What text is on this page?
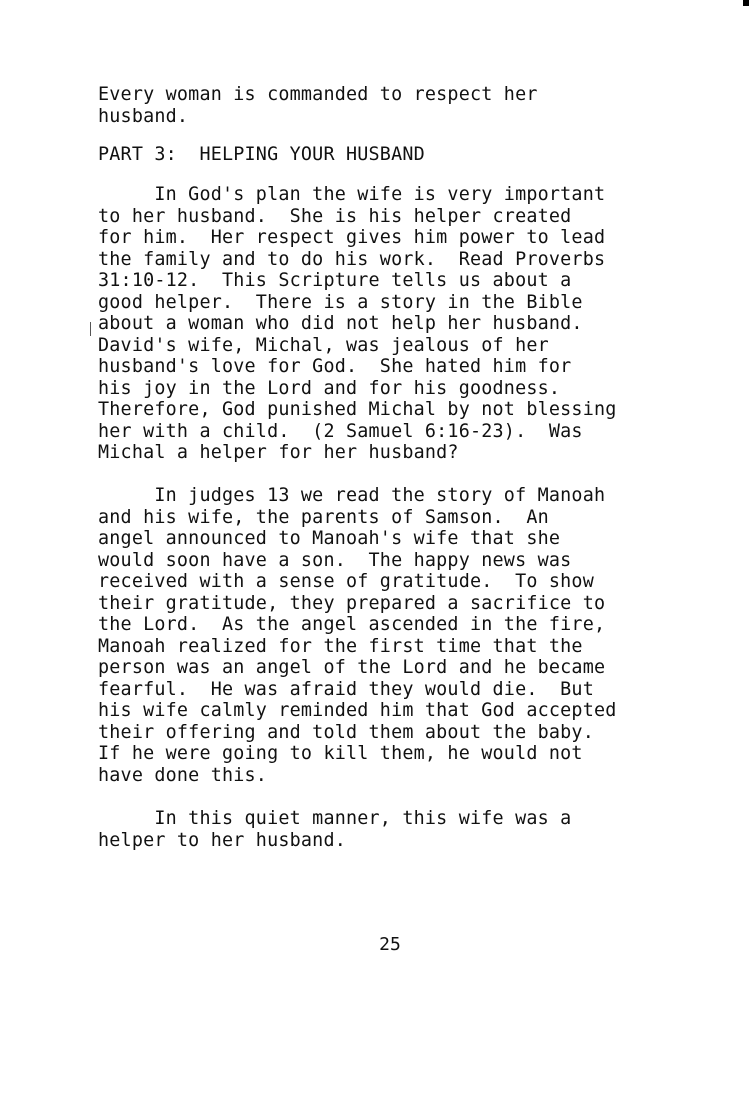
Every woman is commanded to respect her
husband.
PART 3:  HELPING YOUR HUSBAND
In God's plan the wife is very important
to her husband.  She is his helper created
for him.  Her respect gives him power to lead
the family and to do his work.  Read Proverbs
31:10-12.  This Scripture tells us about a
good helper.  There is a story in the Bible
about a woman who did not help her husband.
David's wife, Michal, was jealous of her
husband's love for God.  She hated him for
his joy in the Lord and for his goodness.
Therefore, God punished Michal by not blessing
her with a child.  (2 Samuel 6:16-23).  Was
Michal a helper for her husband?
In judges 13 we read the story of Manoah
and his wife, the parents of Samson.  An
angel announced to Manoah's wife that she
would soon have a son.  The happy news was
received with a sense of gratitude.  To show
their gratitude, they prepared a sacrifice to
the Lord.  As the angel ascended in the fire,
Manoah realized for the first time that the
person was an angel of the Lord and he became
fearful.  He was afraid they would die.  But
his wife calmly reminded him that God accepted
their offering and told them about the baby.
If he were going to kill them, he would not
have done this.
In this quiet manner, this wife was a
helper to her husband.
25
